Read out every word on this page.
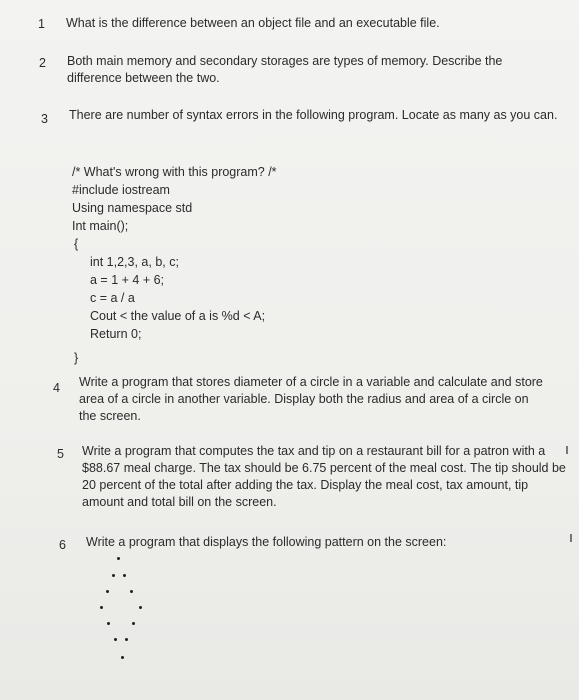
1 What is the difference between an object file and an executable file.
2 Both main memory and secondary storages are types of memory. Describe the difference between the two.
3 There are number of syntax errors in the following program. Locate as many as you can.
/* What's wrong with this program? /*
#include iostream
Using namespace std
Int main();
{
int 1,2,3, a, b, c;
a = 1 + 4 + 6;
c = a / a
Cout < the value of a is %d < A;
Return 0;
}
4 Write a program that stores diameter of a circle in a variable and calculate and store area of a circle in another variable. Display both the radius and area of a circle on the screen.
5 Write a program that computes the tax and tip on a restaurant bill for a patron with a $88.67 meal charge. The tax should be 6.75 percent of the meal cost. The tip should be 20 percent of the total after adding the tax. Display the meal cost, tax amount, tip amount and total bill on the screen.
6 Write a program that displays the following pattern on the screen:
